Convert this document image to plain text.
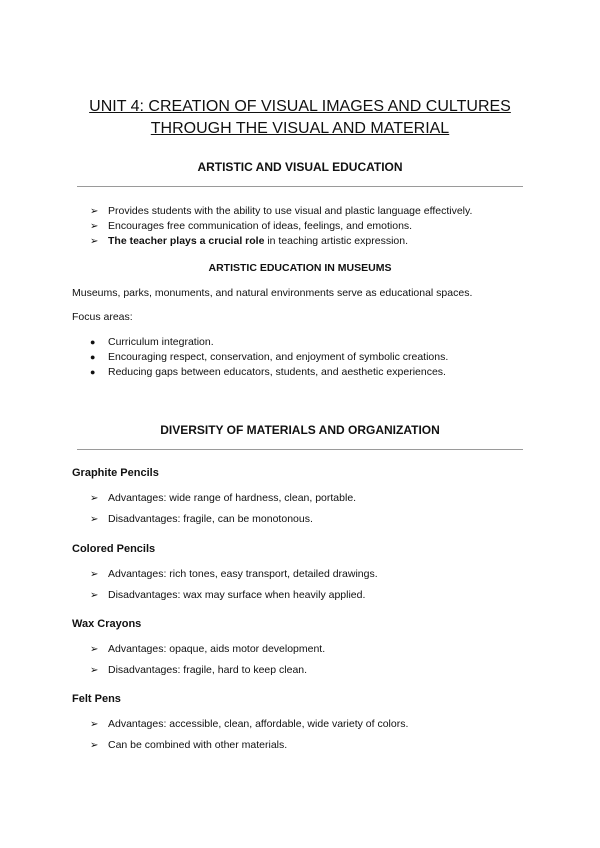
UNIT 4: CREATION OF VISUAL IMAGES AND CULTURES
THROUGH THE VISUAL AND MATERIAL
ARTISTIC AND VISUAL EDUCATION
➢ Provides students with the ability to use visual and plastic language effectively.
➢ Encourages free communication of ideas, feelings, and emotions.
➢ The teacher plays a crucial role in teaching artistic expression.
ARTISTIC EDUCATION IN MUSEUMS

Museums, parks, monuments, and natural environments serve as educational spaces.

Focus areas:

● Curriculum integration.
● Encouraging respect, conservation, and enjoyment of symbolic creations.
● Reducing gaps between educators, students, and aesthetic experiences.
DIVERSITY OF MATERIALS AND ORGANIZATION
Graphite Pencils
➢ Advantages: wide range of hardness, clean, portable.
➢ Disadvantages: fragile, can be monotonous.
Colored Pencils
➢ Advantages: rich tones, easy transport, detailed drawings.
➢ Disadvantages: wax may surface when heavily applied.
Wax Crayons
➢ Advantages: opaque, aids motor development.
➢ Disadvantages: fragile, hard to keep clean.
Felt Pens
➢ Advantages: accessible, clean, affordable, wide variety of colors.
➢ Can be combined with other materials.
